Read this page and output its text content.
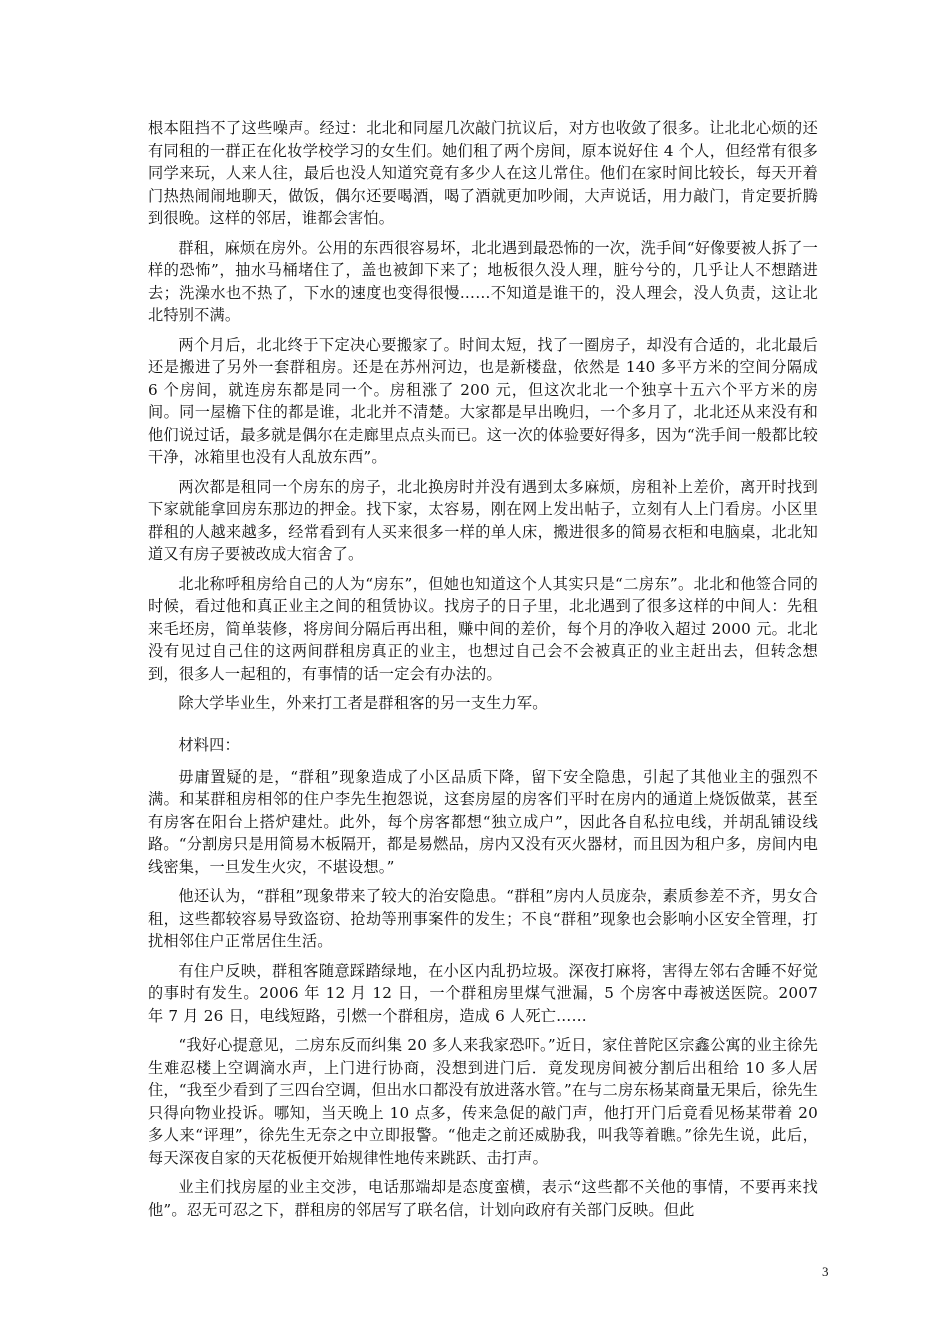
根本阻挡不了这些噪声。经过：北北和同屋几次敲门抗议后，对方也收敛了很多。让北北心烦的还有同租的一群正在化妆学校学习的女生们。她们租了两个房间，原本说好住 4 个人，但经常有很多同学来玩，人来人往，最后也没人知道究竟有多少人在这儿常住。他们在家时间比较长，每天开着门热热闹闹地聊天，做饭，偶尔还要喝酒，喝了酒就更加吵闹，大声说话，用力敲门，肯定要折腾到很晚。这样的邻居，谁都会害怕。

群租，麻烦在房外。公用的东西很容易坏，北北遇到最恐怖的一次，洗手间“好像要被人拆了一样的恐怖”，抽水马桶堵住了，盖也被卸下来了；地板很久没人理，脏兮兮的，几乎让人不想踏进去；洗澡水也不热了，下水的速度也变得很慢……不知道是谁干的，没人理会，没人负责，这让北北特别不满。

两个月后，北北终于下定决心要搬家了。时间太短，找了一圈房子，却没有合适的，北北最后还是搬进了另外一套群租房。还是在苏州河边，也是新楼盘，依然是 140 多平方米的空间分隔成 6 个房间，就连房东都是同一个。房租涨了 200 元，但这次北北一个独享十五六个平方米的房间。同一屋檐下住的都是谁，北北并不清楚。大家都是早出晚归，一个多月了，北北还从来没有和他们说过话，最多就是偶尔在走廊里点点头而已。这一次的体验要好得多，因为“洗手间一般都比较干净，冰箱里也没有人乱放东西”。

两次都是租同一个房东的房子，北北换房时并没有遇到太多麻烦，房租补上差价，离开时找到下家就能拿回房东那边的押金。找下家，太容易，刚在网上发出帖子，立刻有人上门看房。小区里群租的人越来越多，经常看到有人买来很多一样的单人床，搬进很多的简易衣柜和电脑桌，北北知道又有房子要被改成大宿舍了。

北北称呼租房给自己的人为“房东”，但她也知道这个人其实只是“二房东”。北北和他签合同的时候，看过他和真正业主之间的租赁协议。找房子的日子里，北北遇到了很多这样的中间人：先租来毛坯房，简单装修，将房间分隔后再出租，赚中间的差价，每个月的净收入超过 2000 元。北北没有见过自己住的这两间群租房真正的业主，也想过自己会不会被真正的业主赶出去，但转念想到，很多人一起租的，有事情的话一定会有办法的。

除大学毕业生，外来打工者是群租客的另一支生力军。

材料四：

毋庸置疑的是，“群租”现象造成了小区品质下降，留下安全隐患，引起了其他业主的强烈不满。和某群租房相邻的住户李先生抱怨说，这套房屋的房客们平时在房内的通道上烧饭做菜，甚至有房客在阳台上搭炉建灶。此外，每个房客都想“独立成户”，因此各自私拉电线，并胡乱铺设线路。“分割房只是用简易木板隔开，都是易燃品，房内又没有灭火器材，而且因为租户多，房间内电线密集，一旦发生火灾，不堪设想。”

他还认为，“群租”现象带来了较大的治安隐患。“群租”房内人员庞杂，素质参差不齐，男女合租，这些都较容易导致盗窃、抢劫等刑事案件的发生；不良“群租”现象也会影响小区安全管理，打扰相邻住户正常居住生活。

有住户反映，群租客随意踩踏绿地，在小区内乱扔垃圾。深夜打麻将，害得左邻右舍睡不好觉的事时有发生。2006 年 12 月 12 日，一个群租房里煤气泄漏，5 个房客中毒被送医院。2007 年 7 月 26 日，电线短路，引燃一个群租房，造成 6 人死亡……

“我好心提意见，二房东反而纠集 20 多人来我家恐吓。”近日，家住普陀区宗鑫公寓的业主徐先生难忍楼上空调滴水声，上门进行协商，没想到进门后．竟发现房间被分割后出租给 10 多人居住，“我至少看到了三四台空调，但出水口都没有放进落水管。”在与二房东杨某商量无果后，徐先生只得向物业投诉。哪知，当天晚上 10 点多，传来急促的敲门声，他打开门后竟看见杨某带着 20 多人来“评理”，徐先生无奈之中立即报警。“他走之前还威胁我，叫我等着瞧。”徐先生说，此后，每天深夜自家的天花板便开始规律性地传来跳跃、击打声。

业主们找房屋的业主交涉，电话那端却是态度蛮横，表示“这些都不关他的事情，不要再来找他”。忍无可忍之下，群租房的邻居写了联名信，计划向政府有关部门反映。但此

3
